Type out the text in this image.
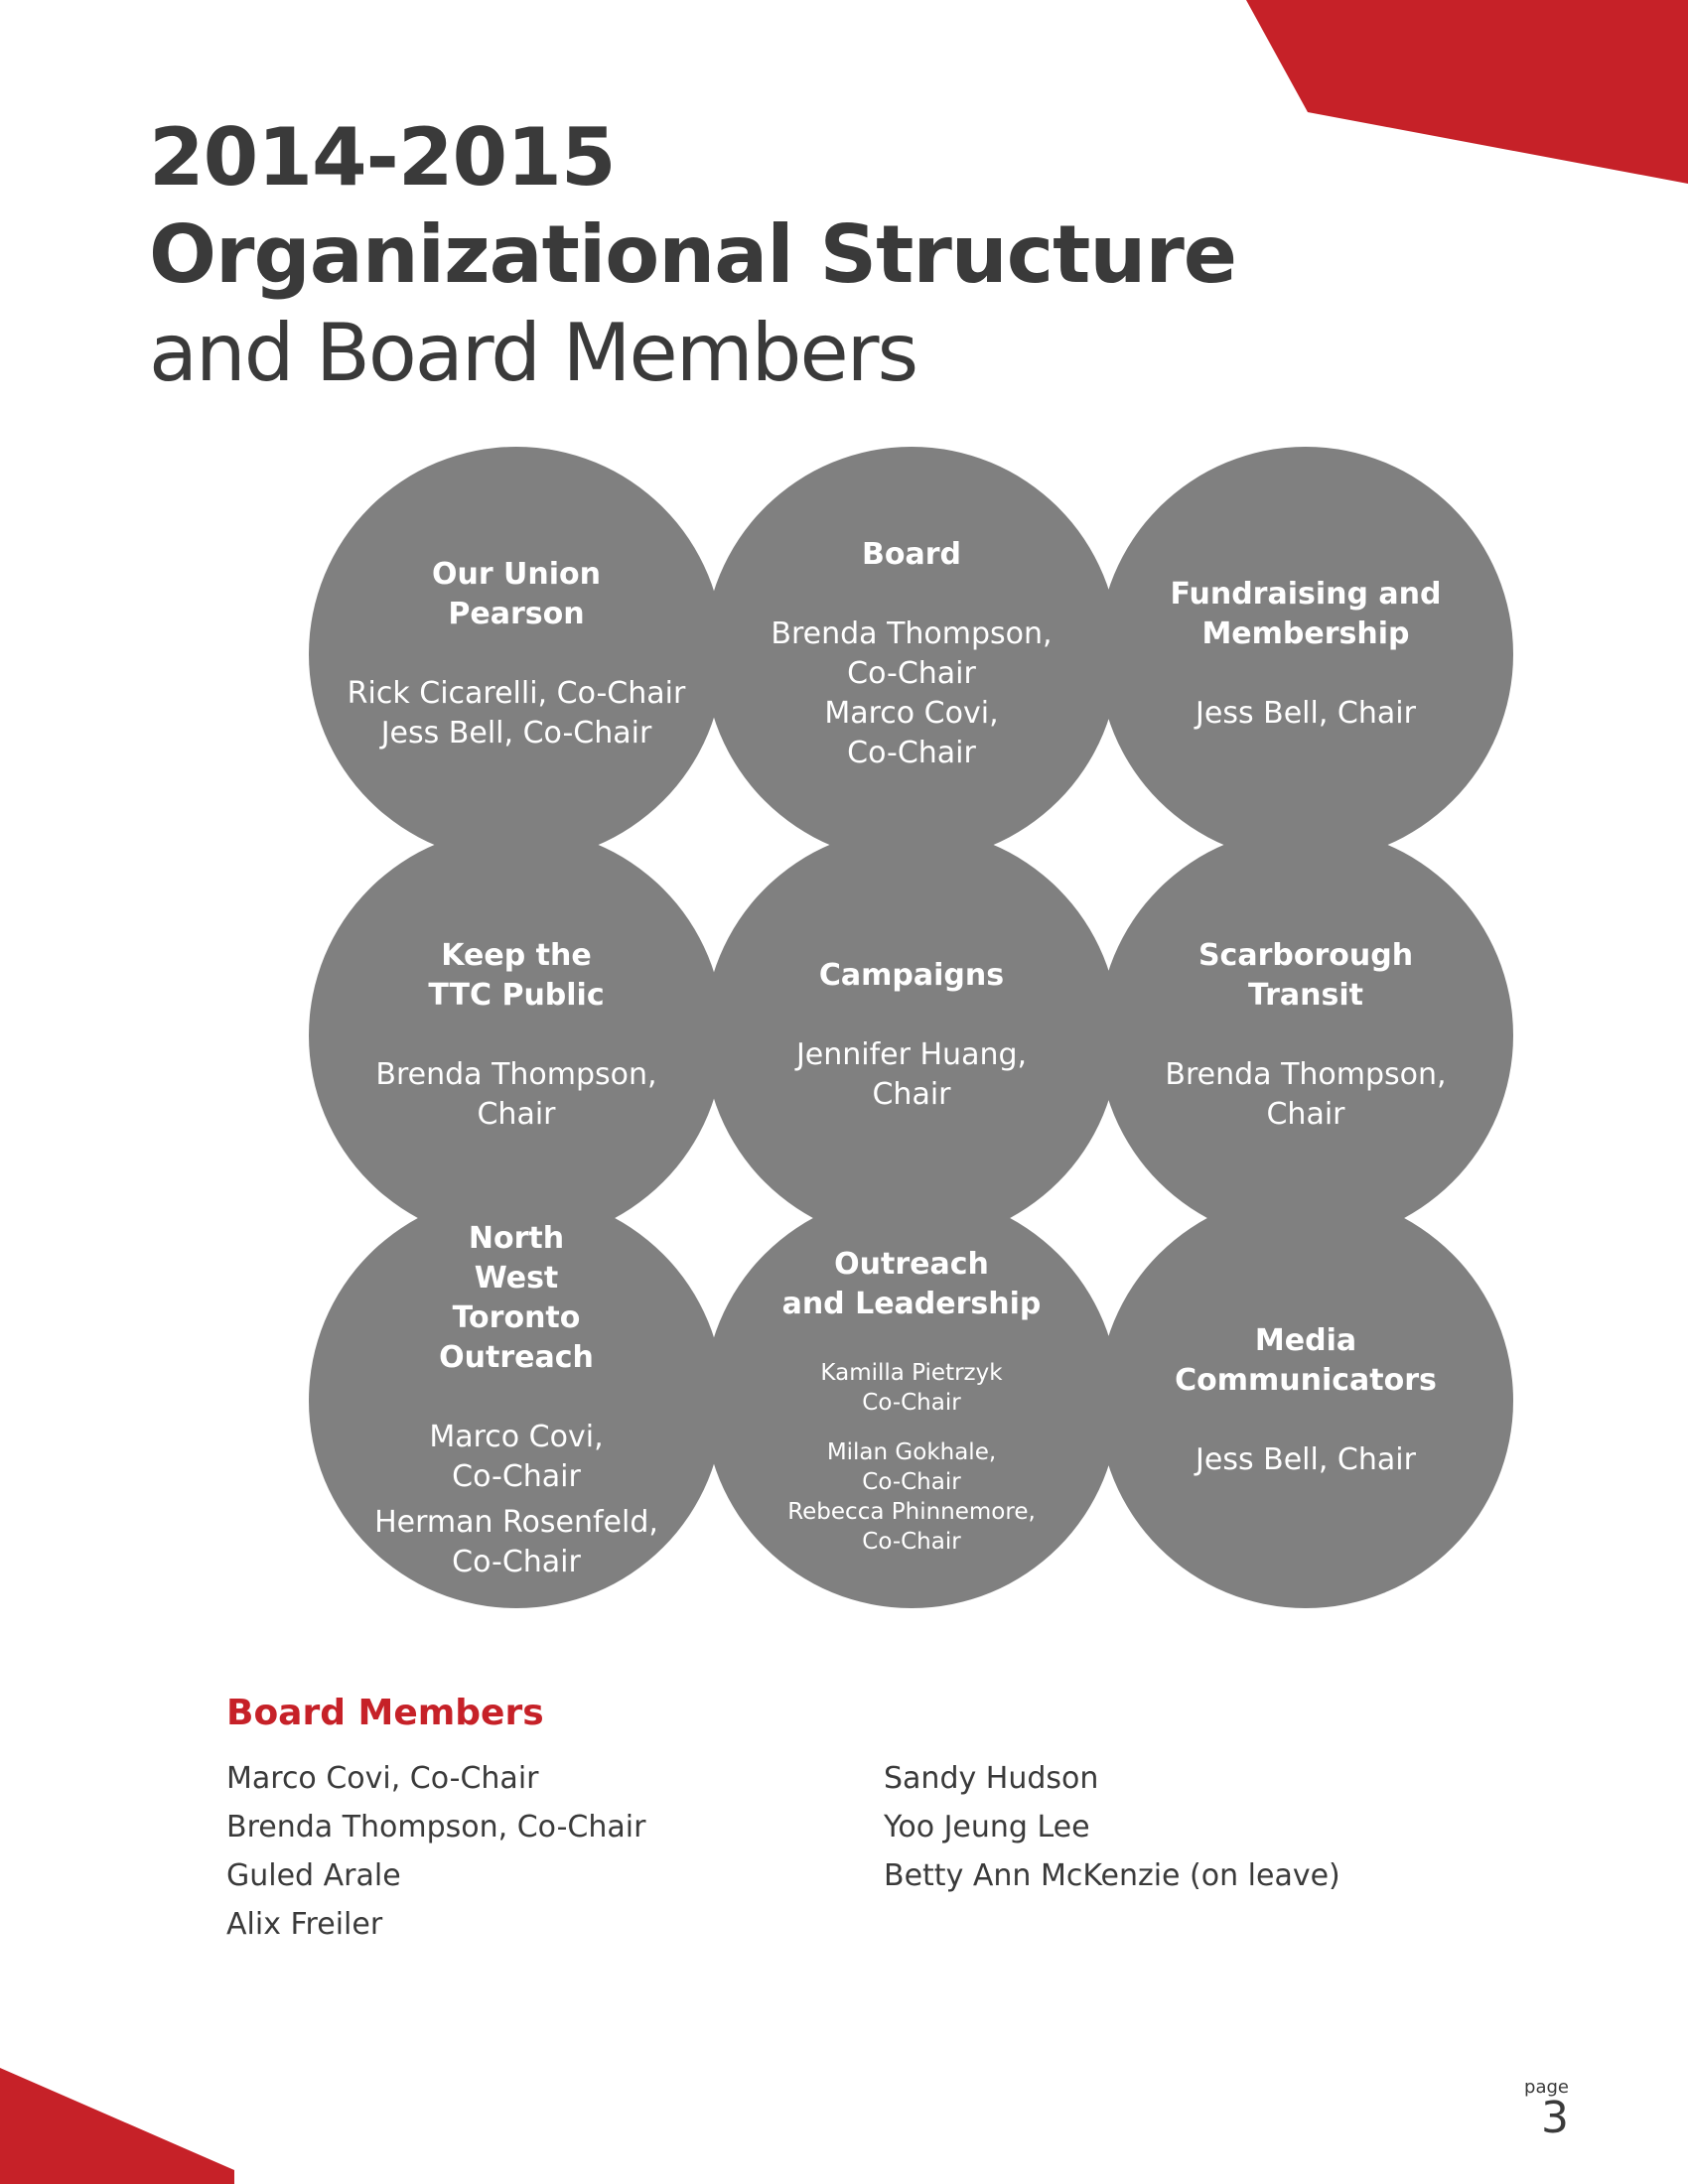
2014-2015
Organizational Structure
and Board Members
Our Union
Pearson
Rick Cicarelli, Co-Chair
Jess Bell, Co-Chair
Board
Brenda Thompson,
Co-Chair
Marco Covi,
Co-Chair
Fundraising and
Membership
Jess Bell, Chair
Keep the
TTC Public
Brenda Thompson,
Chair
Campaigns
Jennifer Huang,
Chair
Scarborough
Transit
Brenda Thompson,
Chair
North
West
Toronto
Outreach
Marco Covi,
Co-Chair
Herman Rosenfeld,
Co-Chair
Outreach
and Leadership
Kamilla Pietrzyk
Co-Chair
Milan Gokhale,
Co-Chair
Rebecca Phinnemore,
Co-Chair
Media
Communicators
Jess Bell, Chair
Board Members
Marco Covi, Co-Chair
Brenda Thompson, Co-Chair
Guled Arale
Alix Freiler
Sandy Hudson
Yoo Jeung Lee
Betty Ann McKenzie (on leave)
page
3
